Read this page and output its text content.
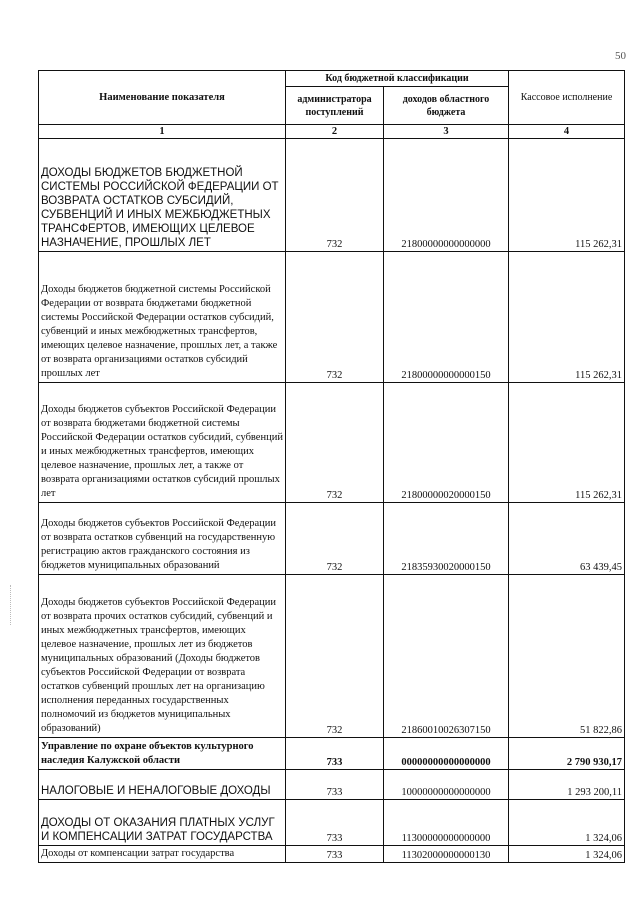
50
Наименование показателя	Код бюджетной классификации		Кассовое исполнение
	администратора поступлений	доходов областного бюджета	
1	2	3	4
ДОХОДЫ БЮДЖЕТОВ БЮДЖЕТНОЙ СИСТЕМЫ РОССИЙСКОЙ ФЕДЕРАЦИИ ОТ ВОЗВРАТА ОСТАТКОВ СУБСИДИЙ, СУБВЕНЦИЙ И ИНЫХ МЕЖБЮДЖЕТНЫХ ТРАНСФЕРТОВ, ИМЕЮЩИХ ЦЕЛЕВОЕ НАЗНАЧЕНИЕ, ПРОШЛЫХ ЛЕТ	732	21800000000000000	115 262,31
Доходы бюджетов бюджетной системы Российской Федерации от возврата бюджетами бюджетной системы Российской Федерации остатков субсидий, субвенций и иных межбюджетных трансфертов, имеющих целевое назначение, прошлых лет, а также от возврата организациями остатков субсидий прошлых лет	732	21800000000000150	115 262,31
Доходы бюджетов субъектов Российской Федерации от возврата бюджетами бюджетной системы Российской Федерации остатков субсидий, субвенций и иных межбюджетных трансфертов, имеющих целевое назначение, прошлых лет, а также от возврата организациями остатков субсидий прошлых лет	732	21800000020000150	115 262,31
Доходы бюджетов субъектов Российской Федерации от возврата остатков субвенций на государственную регистрацию актов гражданского состояния из бюджетов муниципальных образований	732	21835930020000150	63 439,45
Доходы бюджетов субъектов Российской Федерации от возврата прочих остатков субсидий, субвенций и иных межбюджетных трансфертов, имеющих целевое назначение, прошлых лет из бюджетов муниципальных образований (Доходы бюджетов субъектов Российской Федерации от возврата остатков субвенций прошлых лет на организацию исполнения переданных государственных полномочий из бюджетов муниципальных образований)	732	21860010026307150	51 822,86
Управление по охране объектов культурного наследия Калужской области	733	00000000000000000	2 790 930,17
НАЛОГОВЫЕ И НЕНАЛОГОВЫЕ ДОХОДЫ	733	10000000000000000	1 293 200,11
ДОХОДЫ ОТ ОКАЗАНИЯ ПЛАТНЫХ УСЛУГ И КОМПЕНСАЦИИ ЗАТРАТ ГОСУДАРСТВА	733	11300000000000000	1 324,06
Доходы от компенсации затрат государства	733	11302000000000130	1 324,06
